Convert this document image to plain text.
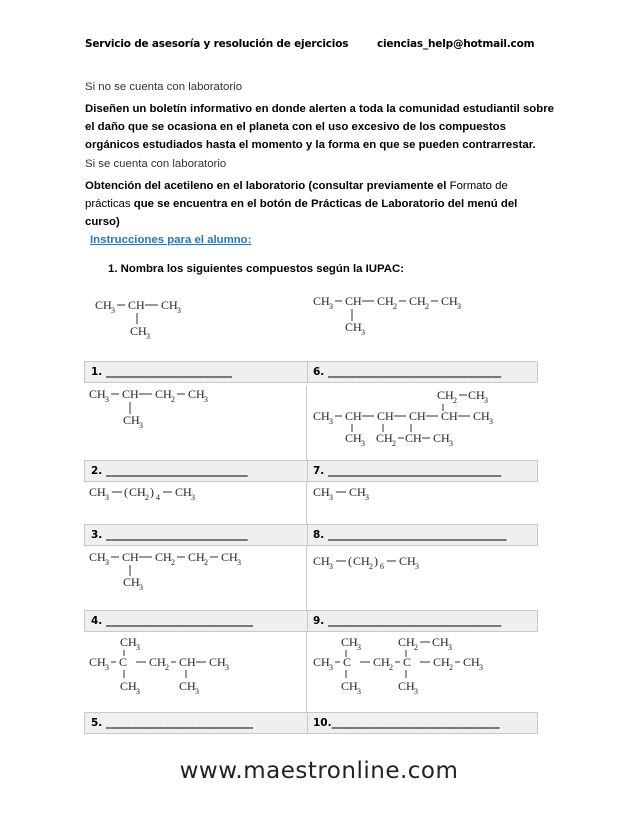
Servicio de asesoría y resolución de ejercicios	ciencias_help@hotmail.com
Si no se cuenta con laboratorio
Diseñen un boletín informativo en donde alerten a toda la comunidad estudiantil sobre el daño que se ocasiona en el planeta con el uso excesivo de los compuestos orgánicos estudiados hasta el momento y la forma en que se pueden contrarrestar.
Si se cuenta con laboratorio
Obtención del acetileno en el laboratorio (consultar previamente el Formato de prácticas que se encuentra en el botón de Prácticas de Laboratorio del menú del curso)
Instrucciones para el alumno:
1. Nombra los siguientes compuestos según la IUPAC:
1. ________________________	6. _________________________________
2. ___________________________	7. _________________________________
3. ___________________________	8. __________________________________
4. ____________________________	9. _________________________________
5. ____________________________	10.________________________________
CH 3 CH CH 3
CH 3
CH 3 CH CH 2 CH 2 CH 3
CH 3
CH 3 CH CH 2 CH 3
CH 3
CH 3 CH CH CH CH CH 3
CH 2 CH 3
CH 3 CH 2 CH CH 3
CH 3 ( CH 2 ) 4 CH 3	CH 3 CH 3
CH 3 CH CH 2 CH 2 CH 3
CH 3
CH 3 ( CH 2 ) 6 CH 3
CH 3 C CH 2 CH CH 3
CH 3
CH 3	CH 3
CH 3 C CH 2 C CH 2 CH 3
CH 3
CH 3
CH 2 CH 3
CH 3
www.maestronline.com
